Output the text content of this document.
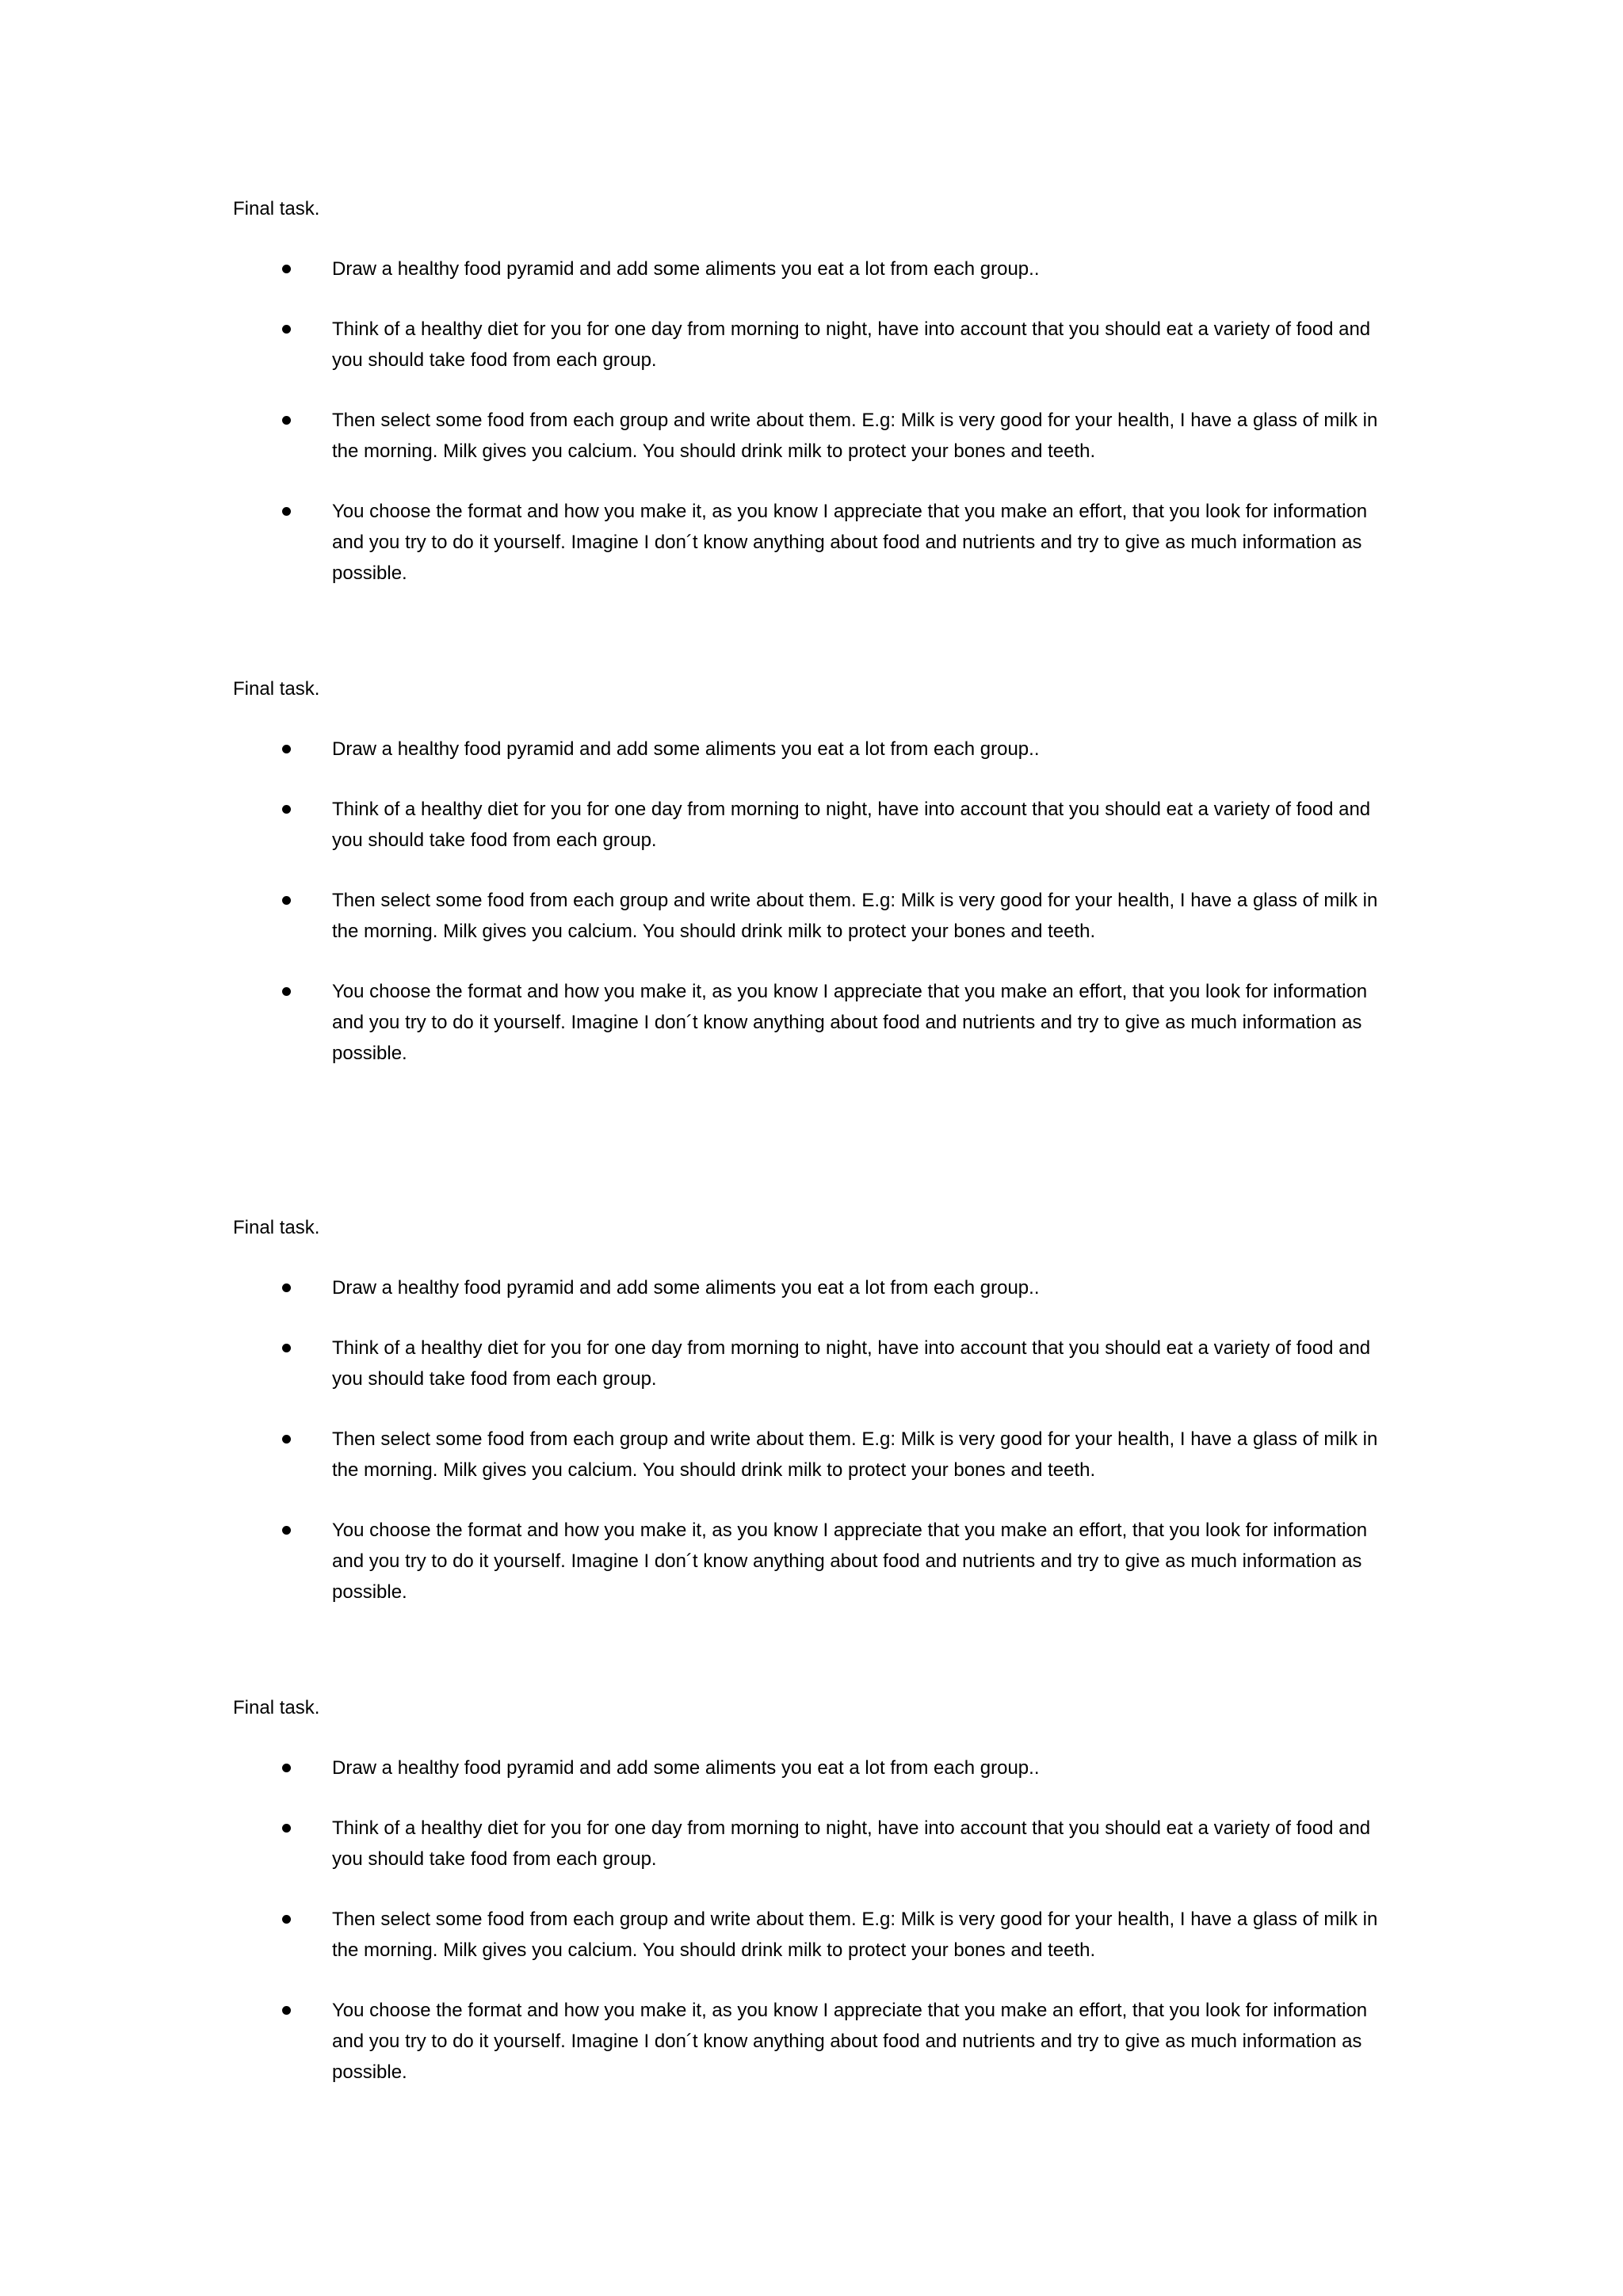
Final task.
Draw a healthy food pyramid and add some aliments you eat a lot from each group..
Think of a healthy diet for you for one day from morning to night, have into account that you should eat a variety of food and you should take food from each group.
Then select some food from each group and write about them. E.g: Milk is very good for your health, I have a glass of milk in the morning. Milk gives you calcium. You should drink milk to protect your bones and teeth.
You choose the format and how you make it, as you know I appreciate that you make an effort, that you look for information and you try to do it yourself. Imagine I don´t know anything about food and nutrients and try to give as much information as possible.
Final task.
Draw a healthy food pyramid and add some aliments you eat a lot from each group..
Think of a healthy diet for you for one day from morning to night, have into account that you should eat a variety of food and you should take food from each group.
Then select some food from each group and write about them. E.g: Milk is very good for your health, I have a glass of milk in the morning. Milk gives you calcium. You should drink milk to protect your bones and teeth.
You choose the format and how you make it, as you know I appreciate that you make an effort, that you look for information and you try to do it yourself. Imagine I don´t know anything about food and nutrients and try to give as much information as possible.
Final task.
Draw a healthy food pyramid and add some aliments you eat a lot from each group..
Think of a healthy diet for you for one day from morning to night, have into account that you should eat a variety of food and you should take food from each group.
Then select some food from each group and write about them. E.g: Milk is very good for your health, I have a glass of milk in the morning. Milk gives you calcium. You should drink milk to protect your bones and teeth.
You choose the format and how you make it, as you know I appreciate that you make an effort, that you look for information and you try to do it yourself. Imagine I don´t know anything about food and nutrients and try to give as much information as possible.
Final task.
Draw a healthy food pyramid and add some aliments you eat a lot from each group..
Think of a healthy diet for you for one day from morning to night, have into account that you should eat a variety of food and you should take food from each group.
Then select some food from each group and write about them. E.g: Milk is very good for your health, I have a glass of milk in the morning. Milk gives you calcium. You should drink milk to protect your bones and teeth.
You choose the format and how you make it, as you know I appreciate that you make an effort, that you look for information and you try to do it yourself. Imagine I don´t know anything about food and nutrients and try to give as much information as possible.
